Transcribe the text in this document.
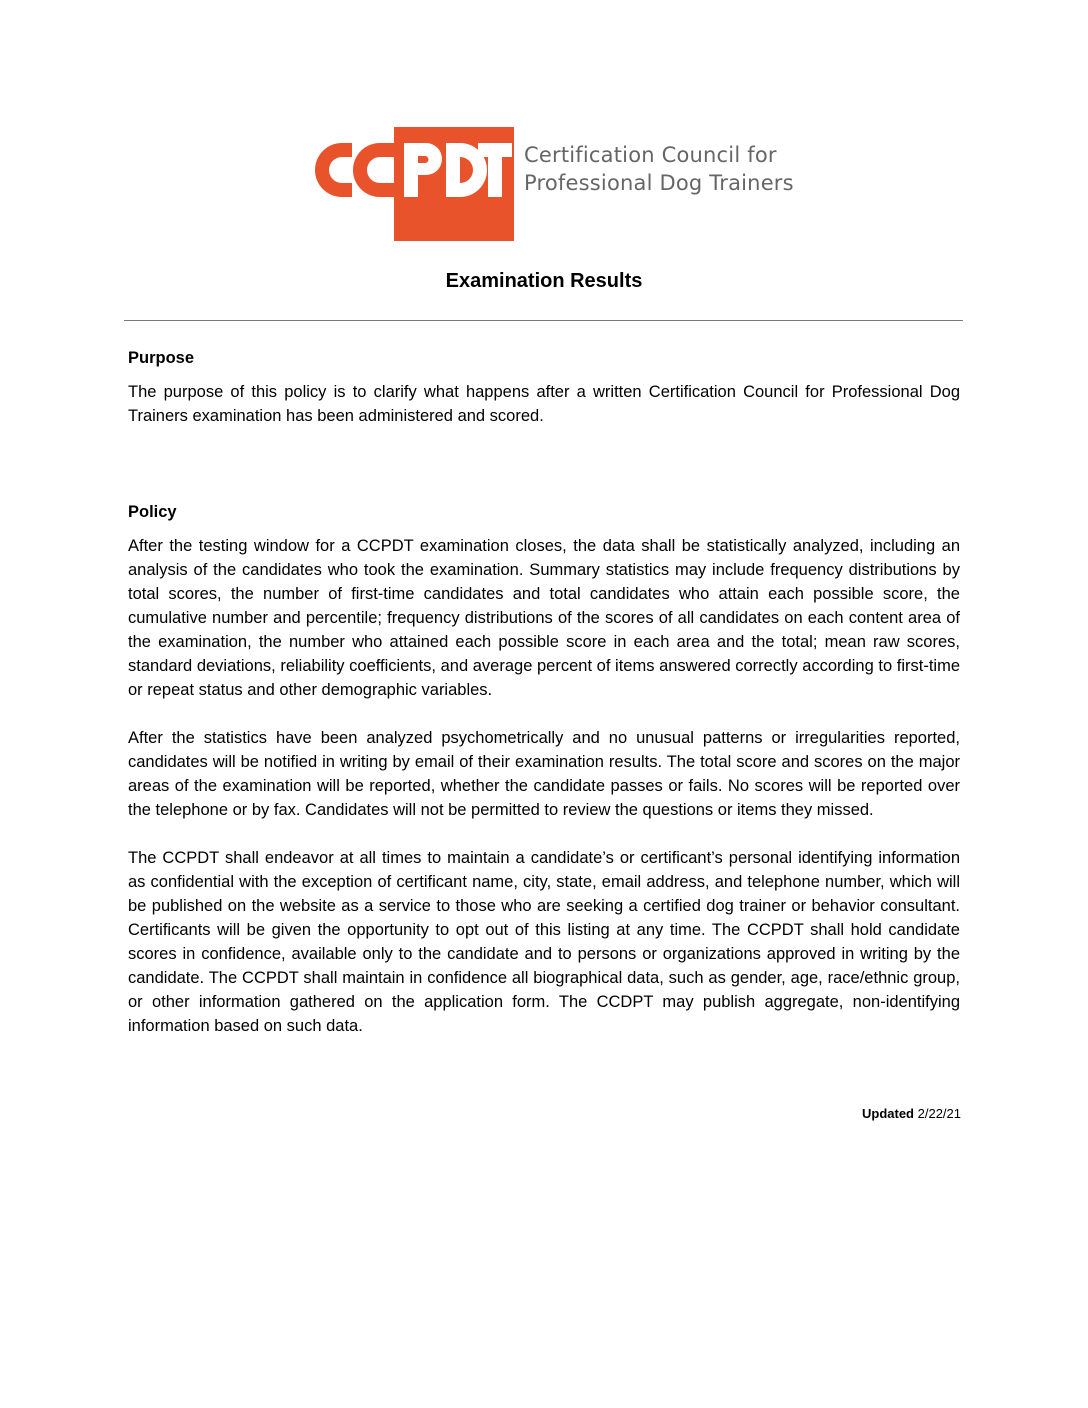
Certification Council for
Professional Dog Trainers
Examination Results

Purpose

The purpose of this policy is to clarify what happens after a written Certification Council for Professional Dog Trainers examination has been administered and scored.

Policy

After the testing window for a CCPDT examination closes, the data shall be statistically analyzed, including an analysis of the candidates who took the examination. Summary statistics may include frequency distributions by total scores, the number of first-time candidates and total candidates who attain each possible score, the cumulative number and percentile; frequency distributions of the scores of all candidates on each content area of the examination, the number who attained each possible score in each area and the total; mean raw scores, standard deviations, reliability coefficients, and average percent of items answered correctly according to first-time or repeat status and other demographic variables.

After the statistics have been analyzed psychometrically and no unusual patterns or irregularities reported, candidates will be notified in writing by email of their examination results. The total score and scores on the major areas of the examination will be reported, whether the candidate passes or fails. No scores will be reported over the telephone or by fax. Candidates will not be permitted to review the questions or items they missed.

The CCPDT shall endeavor at all times to maintain a candidate’s or certificant’s personal identifying information as confidential with the exception of certificant name, city, state, email address, and telephone number, which will be published on the website as a service to those who are seeking a certified dog trainer or behavior consultant. Certificants will be given the opportunity to opt out of this listing at any time. The CCPDT shall hold candidate scores in confidence, available only to the candidate and to persons or organizations approved in writing by the candidate. The CCPDT shall maintain in confidence all biographical data, such as gender, age, race/ethnic group, or other information gathered on the application form. The CCDPT may publish aggregate, non-identifying information based on such data.

Updated 2/22/21
